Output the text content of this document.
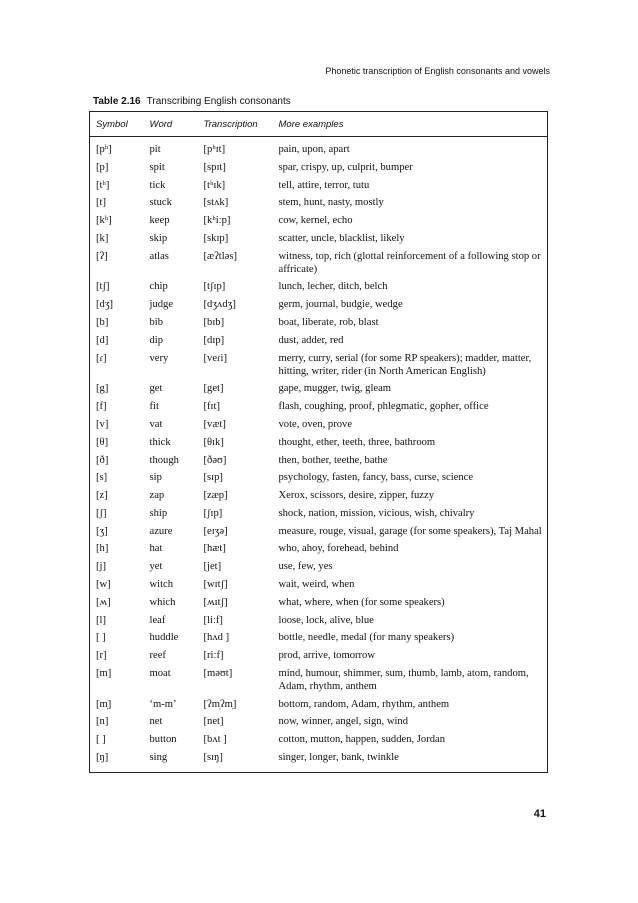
Phonetic transcription of English consonants and vowels
Table 2.16 Transcribing English consonants
Symbol	Word	Transcription	More examples
[pʰ]	pit	[pʰɪt]	pain, upon, apart
[p]	spit	[spɪt]	spar, crispy, up, culprit, bumper
[tʰ]	tick	[tʰɪk]	tell, attire, terror, tutu
[t]	stuck	[stʌk]	stem, hunt, nasty, mostly
[kʰ]	keep	[kʰiːp]	cow, kernel, echo
[k]	skip	[skɪp]	scatter, uncle, blacklist, likely
[ʔ]	atlas	[æʔtləs]	witness, top, rich (glottal reinforcement of a following stop or affricate)
[tʃ]	chip	[tʃɪp]	lunch, lecher, ditch, belch
[dʒ]	judge	[dʒʌdʒ]	germ, journal, budgie, wedge
[b]	bib	[bɪb]	boat, liberate, rob, blast
[d]	dip	[dɪp]	dust, adder, red
[ɾ]	very	[veɾi]	merry, curry, serial (for some RP speakers); madder, matter, hitting, writer, rider (in North American English)
[g]	get	[get]	gape, mugger, twig, gleam
[f]	fit	[fɪt]	flash, coughing, proof, phlegmatic, gopher, office
[v]	vat	[væt]	vote, oven, prove
[θ]	thick	[θɪk]	thought, ether, teeth, three, bathroom
[ð]	though	[ðəʊ]	then, bother, teethe, bathe
[s]	sip	[sɪp]	psychology, fasten, fancy, bass, curse, science
[z]	zap	[zæp]	Xerox, scissors, desire, zipper, fuzzy
[ʃ]	ship	[ʃɪp]	shock, nation, mission, vicious, wish, chivalry
[ʒ]	azure	[eɪʒə]	measure, rouge, visual, garage (for some speakers), Taj Mahal
[h]	hat	[hæt]	who, ahoy, forehead, behind
[j]	yet	[jet]	use, few, yes
[w]	witch	[wɪtʃ]	wait, weird, when
[ʍ]	which	[ʍɪtʃ]	what, where, when (for some speakers)
[l]	leaf	[liːf]	loose, lock, alive, blue
[ ]	huddle	[hʌd ]	bottle, needle, medal (for many speakers)
[r]	reef	[riːf]	prod, arrive, tomorrow
[m]	moat	[məʊt]	mind, humour, shimmer, sum, thumb, lamb, atom, random, Adam, rhythm, anthem
[m̩]	‘m-m’	[ʔm̩ʔm̩]	bottom, random, Adam, rhythm, anthem
[n]	net	[net]	now, winner, angel, sign, wind
[ ]	button	[bʌt ]	cotton, mutton, happen, sudden, Jordan
[ŋ]	sing	[sɪŋ]	singer, longer, bank, twinkle
41
